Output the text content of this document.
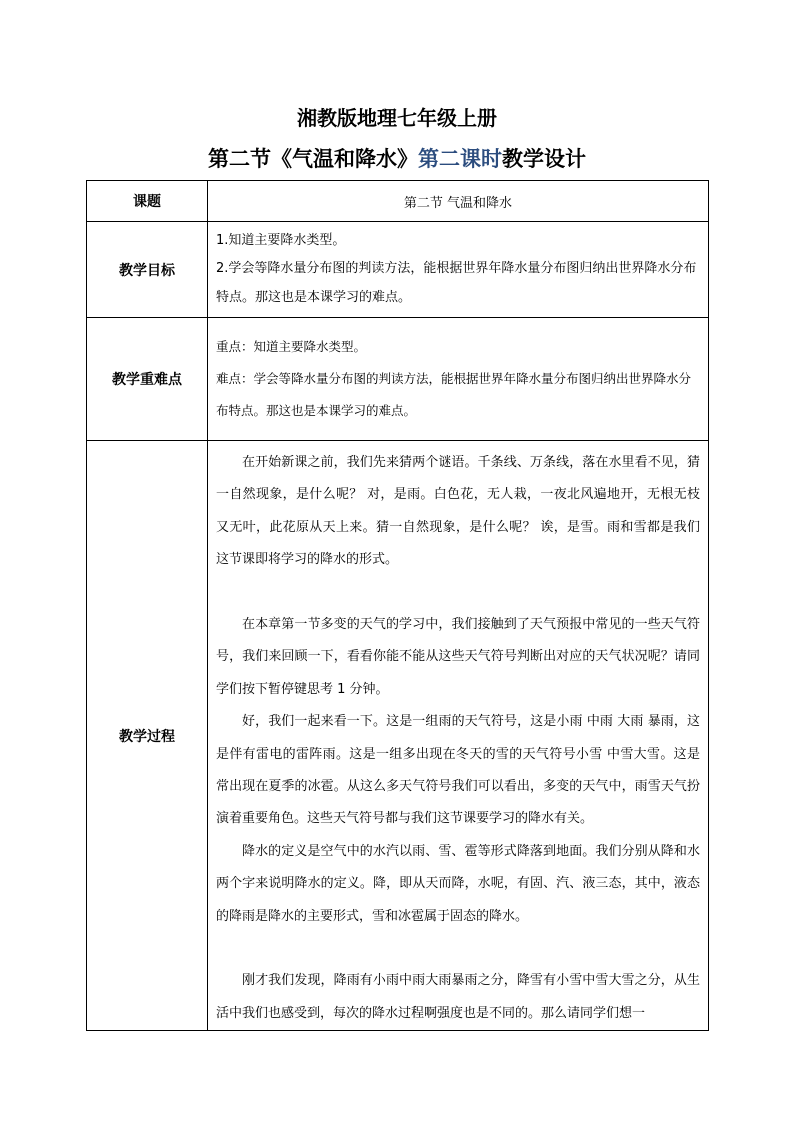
湘教版地理七年级上册
第二节《气温和降水》第二课时教学设计
课题	第二节 气温和降水
教学目标	1.知道主要降水类型。
2.学会等降水量分布图的判读方法，能根据世界年降水量分布图归纳出世界降水分布特点。那这也是本课学习的难点。

教学重难点	重点：知道主要降水类型。
难点：学会等降水量分布图的判读方法，能根据世界年降水量分布图归纳出世界降水分布特点。那这也是本课学习的难点。

教学过程	在开始新课之前，我们先来猜两个谜语。千条线、万条线，落在水里看不见，猜一自然现象，是什么呢？ 对，是雨。白色花，无人栽，一夜北风遍地开，无根无枝又无叶，此花原从天上来。猜一自然现象，是什么呢？ 诶，是雪。雨和雪都是我们这节课即将学习的降水的形式。

在本章第一节多变的天气的学习中，我们接触到了天气预报中常见的一些天气符号，我们来回顾一下，看看你能不能从这些天气符号判断出对应的天气状况呢？请同学们按下暂停键思考 1 分钟。

好，我们一起来看一下。这是一组雨的天气符号，这是小雨 中雨 大雨 暴雨，这是伴有雷电的雷阵雨。这是一组多出现在冬天的雪的天气符号小雪 中雪大雪。这是常出现在夏季的冰雹。从这么多天气符号我们可以看出，多变的天气中，雨雪天气扮演着重要角色。这些天气符号都与我们这节课要学习的降水有关。

降水的定义是空气中的水汽以雨、雪、雹等形式降落到地面。我们分别从降和水两个字来说明降水的定义。降，即从天而降，水呢，有固、汽、液三态，其中，液态的降雨是降水的主要形式，雪和冰雹属于固态的降水。

刚才我们发现，降雨有小雨中雨大雨暴雨之分，降雪有小雪中雪大雪之分，从生活中我们也感受到，每次的降水过程啊强度也是不同的。那么请同学们想一
